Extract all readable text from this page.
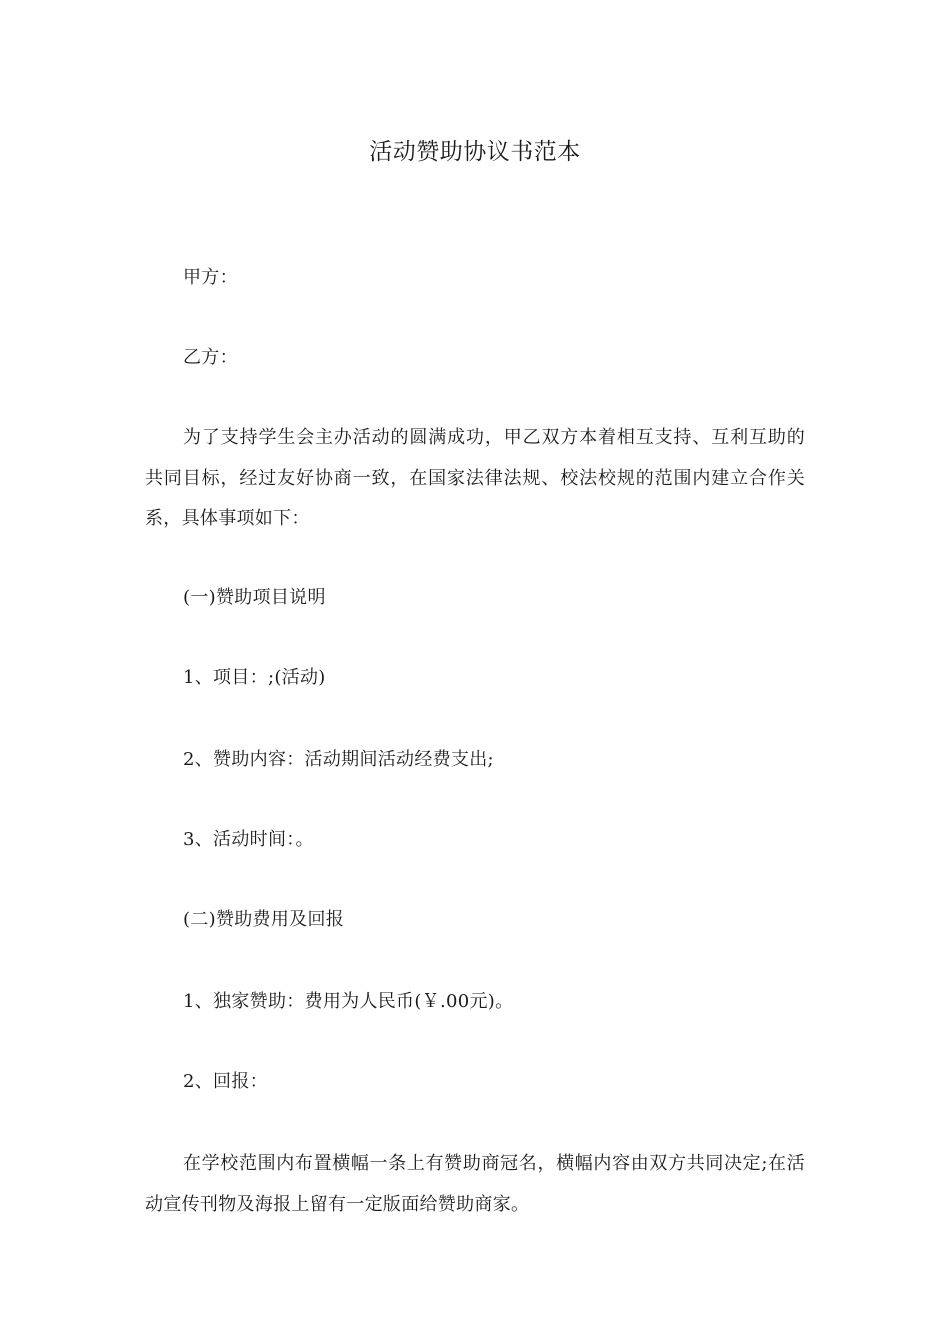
活动赞助协议书范本

甲方：

乙方：

为了支持学生会主办活动的圆满成功，甲乙双方本着相互支持、互利互助的共同目标，经过友好协商一致，在国家法律法规、校法校规的范围内建立合作关系，具体事项如下：

(一)赞助项目说明

1、项目：;(活动)

2、赞助内容：活动期间活动经费支出;

3、活动时间：。

(二)赞助费用及回报

1、独家赞助：费用为人民币(￥.00元)。

2、回报：

在学校范围内布置横幅一条上有赞助商冠名，横幅内容由双方共同决定;在活动宣传刊物及海报上留有一定版面给赞助商家。
